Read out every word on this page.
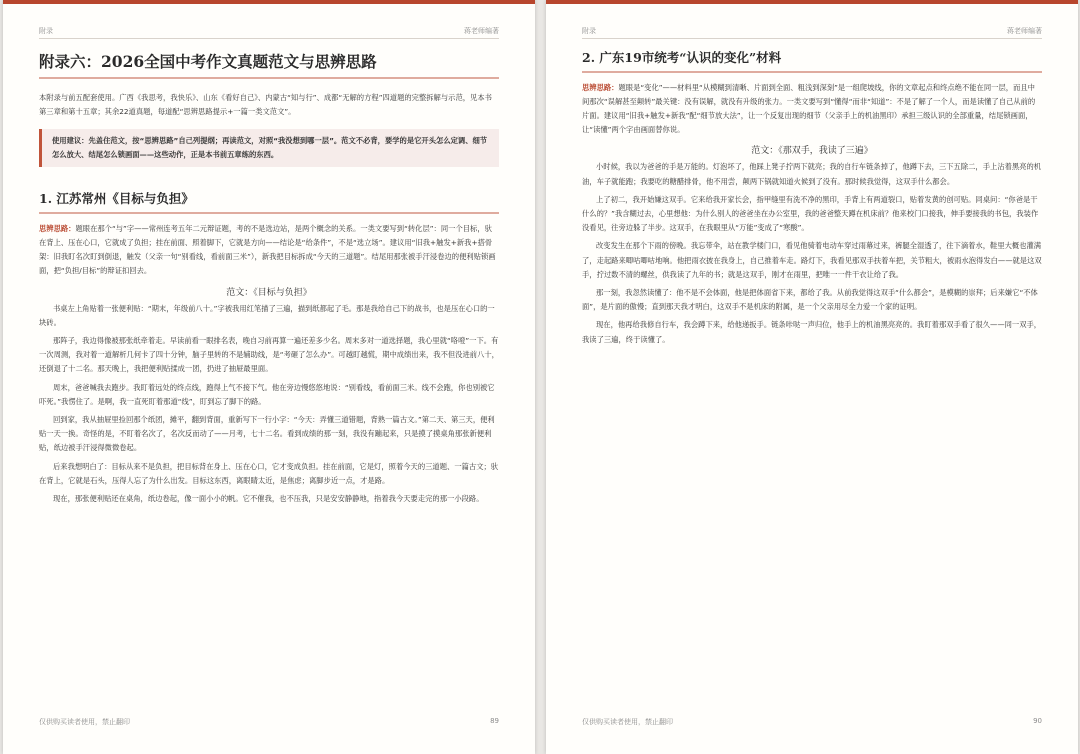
附录	蒋老师编著
附录六：2026全国中考作文真题范文与思辨思路

本附录与前五配套使用。广西《我思考，我快乐》、山东《看好自己》、内蒙古“知与行”、成都“无解的方程”四道题的完整拆解与示范，见本书第三章和第十五章；其余22道真题，每道配“思辨思路提示+一篇一类文范文”。

使用建议：先盖住范文，按“思辨思路”自己列提纲；再读范文，对照“我没想到哪一层”。范文不必背，要学的是它开头怎么定调、细节怎么放大、结尾怎么锁画面——这些动作，正是本书前五章练的东西。

1. 江苏常州《目标与负担》

思辨思路：题眼在那个“与”字——常州连考五年二元辩证题，考的不是选边站，是两个概念的关系。一类文要写到“转化层”：同一个目标，驮在背上、压在心口，它就成了负担；挂在前面、照着脚下，它就是方向——结论是“给条件”，不是“选立场”。建议用“旧我+触发+新我+搭骨架：旧我盯名次盯到倒退，触发（父亲一句“别看线，看前面三米”），新我把目标拆成“今天的三道题”。结尾用那张被手汗浸卷边的便利贴锁画面，把“负担/目标”的辩证扣回去。

范文：《目标与负担》

书桌左上角贴着一张便利贴：“期末，年级前八十。”字被我用红笔描了三遍，描到纸都起了毛。那是我给自己下的战书，也是压在心口的一块砖。

那阵子，我边得像被那张纸牵着走。早读前看一眼排名表，晚自习前再算一遍还差多少名。周末多对一道选择题，我心里就“咯噔”一下。有一次周测，我对着一道解析几何卡了四十分钟，脑子里转的不是辅助线，是“考砸了怎么办”。可越盯越慌，期中成绩出来，我不但没进前八十，还倒退了十二名。那天晚上，我把便利贴揉成一团，扔进了抽屉最里面。

周末，爸爸喊我去跑步。我盯着远处的终点线，跑得上气不接下气。他在旁边慢悠悠地说：“别看线，看前面三米。线不会跑，你也别被它吓死。”我愣住了。是啊，我一直死盯着那道“线”，盯到忘了脚下的路。

回到家，我从抽屉里捡回那个纸团，摊平，翻到背面，重新写下一行小字：“今天：弄懂三道错题，背熟一篇古文。”第二天、第三天，便利贴一天一换。奇怪的是，不盯着名次了，名次反而动了——月考，七十二名。看到成绩的那一刻，我没有蹦起来，只是摸了摸桌角那张新便利贴，纸边被手汗浸得微微卷起。

后来我想明白了：目标从来不是负担，把目标背在身上、压在心口，它才变成负担。挂在前面，它是灯，照着今天的三道题、一篇古文；驮在背上，它就是石头，压得人忘了为什么出发。目标这东西，离眼睛太近，是焦虑；离脚步近一点，才是路。

现在，那张便利贴还在桌角，纸边卷起，像一面小小的帆。它不催我，也不压我，只是安安静静地，指着我今天要走完的那一小段路。

仅供购买读者使用，禁止翻印	89
附录	蒋老师编著
2. 广东19市统考“认识的变化”材料

思辨思路：题眼是“变化”——材料里“从模糊到清晰、片面到全面、粗浅到深刻”是一组爬坡线，你的文章起点和终点绝不能在同一层，而且中间那次“误解甚至颠转”最关键：没有误解，就没有升级的张力。一类文要写到“懂得“而非“知道”：不是了解了一个人，而是读懂了自己从前的片面。建议用“旧我+触发+新我”配“细节放大法”，让一个反复出现的细节（父亲手上的机油黑印）承担三级认识的全部重量，结尾锁画面，让“读懂”两个字由画面替你说。

范文：《那双手，我读了三遍》

小时候，我以为爸爸的手是万能的。灯泡坏了，他踩上凳子拧两下就亮；我的自行车链条掉了，他蹲下去，三下五除二，手上沾着黑亮的机油，车子就能跑；我要吃的糖醋排骨，他不用尝，颠两下锅就知道火候到了没有。那时候我觉得，这双手什么都会。

上了初二，我开始嫌这双手。它来给我开家长会，指甲缝里有洗不净的黑印，手背上有两道裂口，贴着发黄的创可贴。同桌问：“你爸是干什么的？”我含糊过去，心里想他：为什么别人的爸爸坐在办公室里，我的爸爸整天蹲在机床前？他来校门口接我，伸手要接我的书包，我装作没看见，往旁边躲了半步。这双手，在我眼里从“万能”变成了“寒酸”。

改变发生在那个下雨的傍晚。我忘带伞，站在教学楼门口，看见他骑着电动车穿过雨幕过来，裤腿全湿透了，往下滴着水，鞋里大概也灌满了，走起路来唧咕唧咕地响。他把雨衣披在我身上，自己推着车走。路灯下，我看见那双手扶着车把，关节粗大，被雨水泡得发白——就是这双手，拧过数不清的螺丝，供我读了九年的书；就是这双手，刚才在雨里，把唯一一件干衣让给了我。

那一刻，我忽然读懂了：他不是不会体面，他是把体面省下来，都给了我。从前我觉得这双手“什么都会”，是模糊的崇拜；后来嫌它“不体面”，是片面的傲慢；直到那天我才明白，这双手不是机床的附属，是一个父亲用尽全力爱一个家的证明。

现在，他再给我修自行车，我会蹲下来，给他递扳手。链条咔哒一声归位，他手上的机油黑亮亮的。我盯着那双手看了很久——同一双手，我读了三遍，终于读懂了。

仅供购买读者使用，禁止翻印	90
